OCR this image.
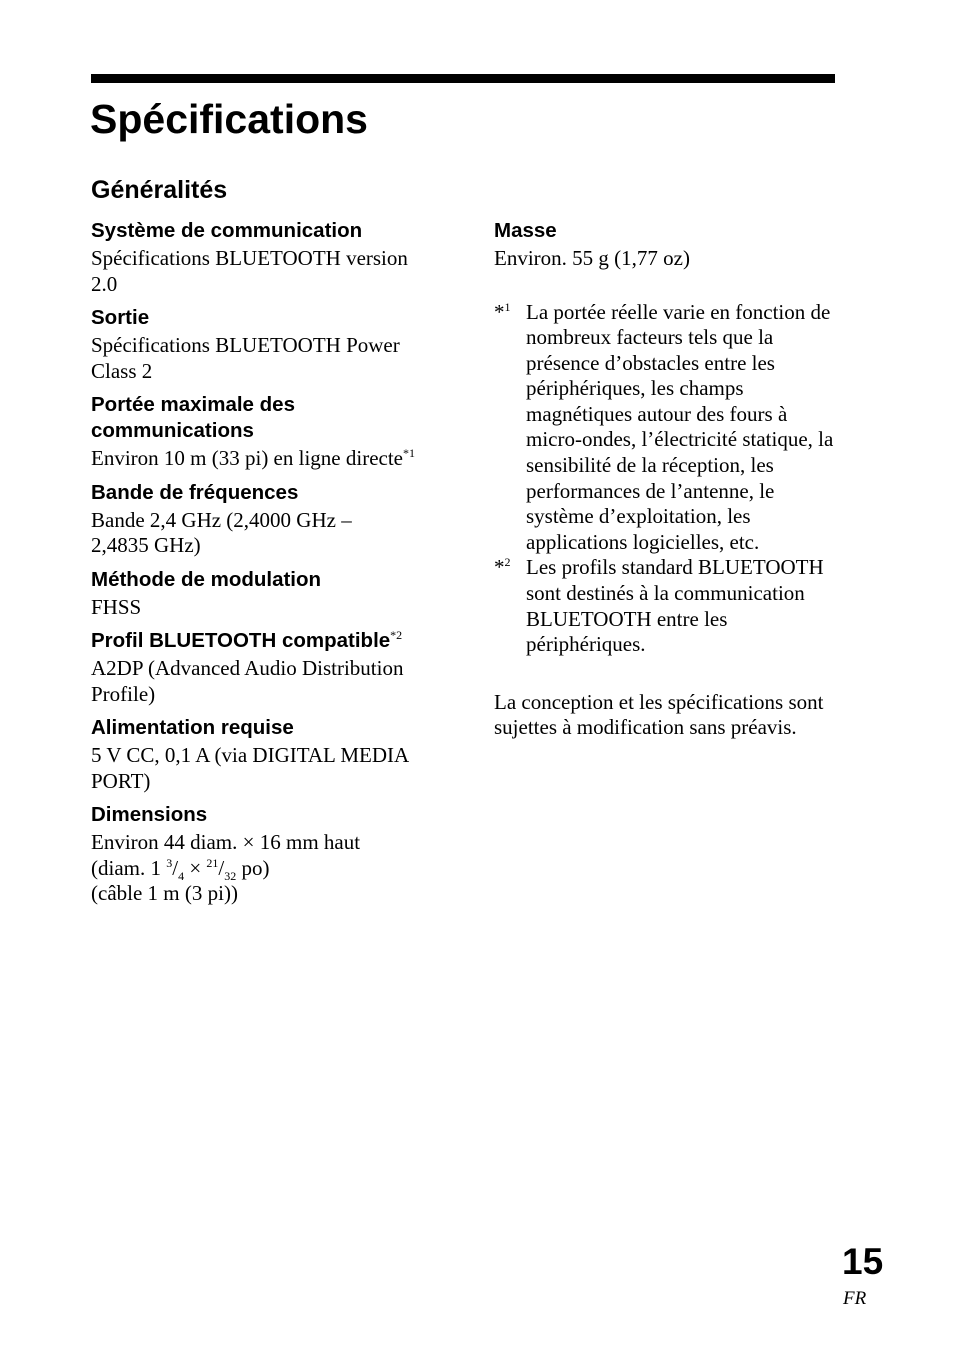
Spécifications
Généralités

Système de communication

Spécifications BLUETOOTH version 2.0

Sortie

Spécifications BLUETOOTH Power Class 2

Portée maximale des communications

Environ 10 m (33 pi) en ligne directe$^{*1}$

Bande de fréquences

Bande 2,4 GHz (2,4000 GHz –
2,4835 GHz)

Méthode de modulation

FHSS

Profil BLUETOOTH compatible$^{*2}$

A2DP (Advanced Audio Distribution Profile)

Alimentation requise

5 V CC, 0,1 A (via DIGITAL MEDIA PORT)

Dimensions

Environ 44 diam. × 16 mm haut
(diam. 1 $^3/_4 \times ^{21}/_{32}$ po)
(câble 1 m (3 pi))

Masse

Environ. 55 g (1,77 oz)

*$^1$ La portée réelle varie en fonction de nombreux facteurs tels que la présence d’obstacles entre les périphériques, les champs magnétiques autour des fours à micro-ondes, l’électricité statique, la sensibilité de la réception, les performances de l’antenne, le système d’exploitation, les applications logicielles, etc.
*$^2$ Les profils standard BLUETOOTH sont destinés à la communication BLUETOOTH entre les périphériques.

La conception et les spécifications sont sujettes à modification sans préavis.

15
FR
